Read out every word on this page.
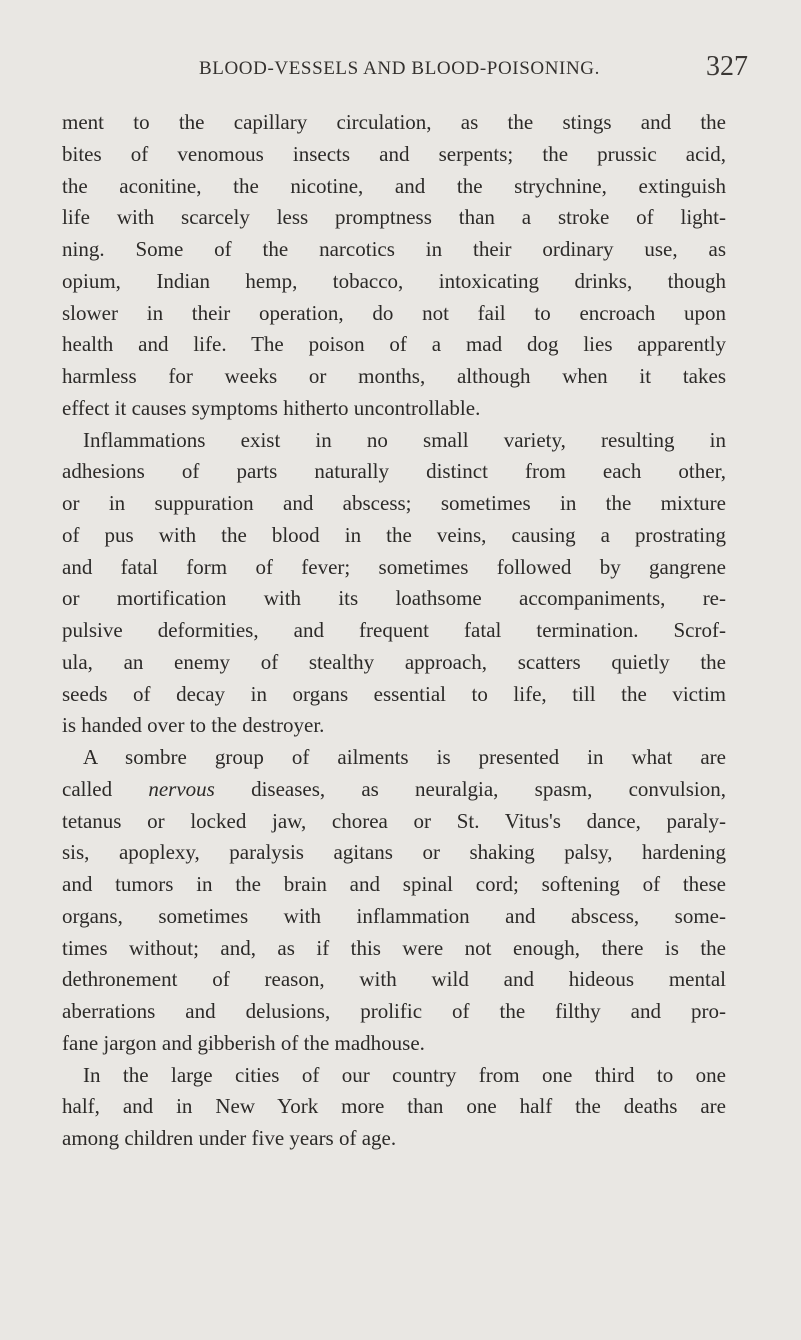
BLOOD-VESSELS AND BLOOD-POISONING.	327
ment to the capillary circulation, as the stings and the
bites of venomous insects and serpents; the prussic acid,
the aconitine, the nicotine, and the strychnine, extinguish
life with scarcely less promptness than a stroke of light-
ning. Some of the narcotics in their ordinary use, as
opium, Indian hemp, tobacco, intoxicating drinks, though
slower in their operation, do not fail to encroach upon
health and life. The poison of a mad dog lies apparently
harmless for weeks or months, although when it takes
effect it causes symptoms hitherto uncontrollable.
Inflammations exist in no small variety, resulting in
adhesions of parts naturally distinct from each other,
or in suppuration and abscess; sometimes in the mixture
of pus with the blood in the veins, causing a prostrating
and fatal form of fever; sometimes followed by gangrene
or mortification with its loathsome accompaniments, re-
pulsive deformities, and frequent fatal termination. Scrof-
ula, an enemy of stealthy approach, scatters quietly the
seeds of decay in organs essential to life, till the victim
is handed over to the destroyer.
A sombre group of ailments is presented in what are
called nervous diseases, as neuralgia, spasm, convulsion,
tetanus or locked jaw, chorea or St. Vitus's dance, paraly-
sis, apoplexy, paralysis agitans or shaking palsy, hardening
and tumors in the brain and spinal cord; softening of these
organs, sometimes with inflammation and abscess, some-
times without; and, as if this were not enough, there is the
dethronement of reason, with wild and hideous mental
aberrations and delusions, prolific of the filthy and pro-
fane jargon and gibberish of the madhouse.
In the large cities of our country from one third to one
half, and in New York more than one half the deaths are
among children under five years of age.
